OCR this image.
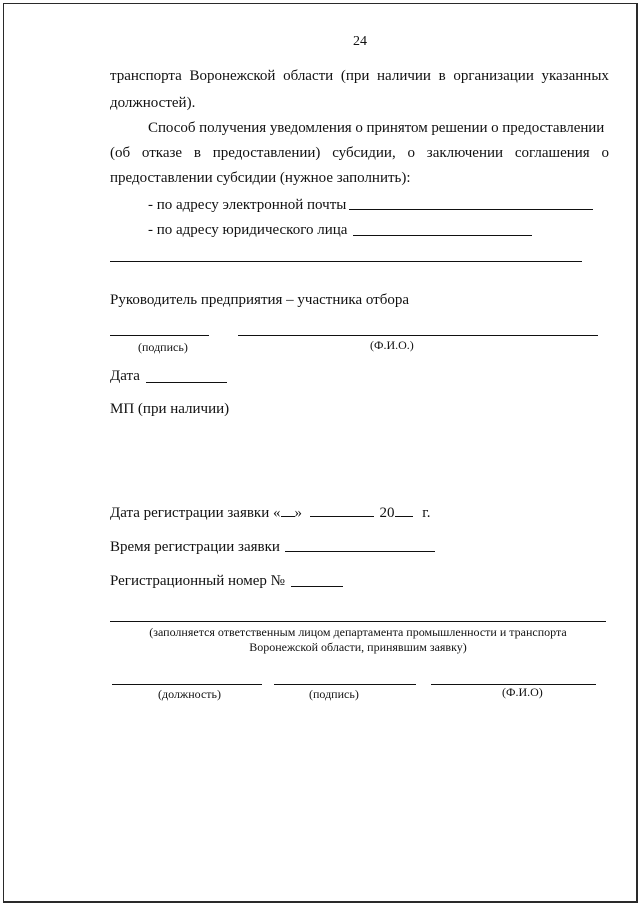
24
транспорта Воронежской области (при наличии в организации указанных
должностей).
Способ получения уведомления о принятом решении о предоставлении
(об отказе в предоставлении) субсидии, о заключении соглашения о
предоставлении субсидии (нужное заполнить):
- по адресу электронной почты
- по адресу юридического лица
Руководитель предприятия – участника отбора
(подпись)	(Ф.И.О.)
Дата
МП (при наличии)
Дата регистрации заявки « »	20 г.
Время регистрации заявки
Регистрационный номер №
(заполняется ответственным лицом департамента промышленности и транспорта
Воронежской области, принявшим заявку)
(должность)	(подпись)	(Ф.И.О)
